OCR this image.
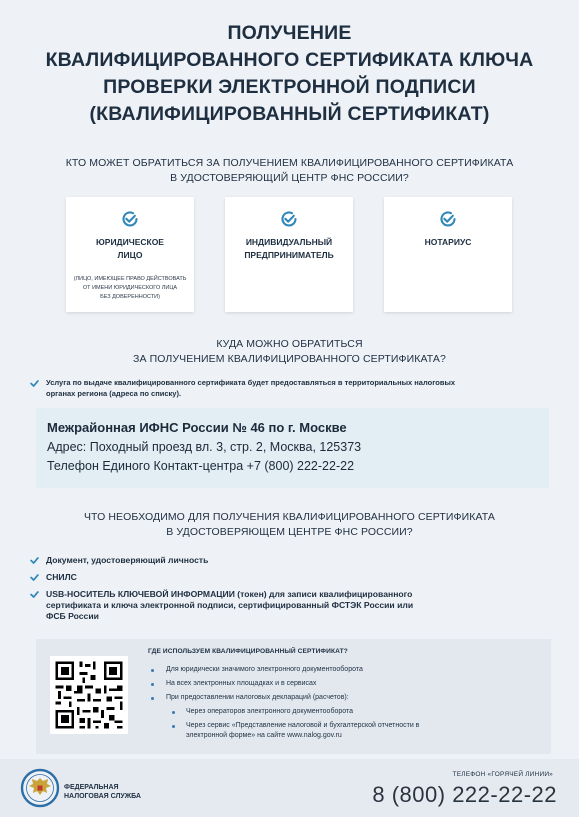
ПОЛУЧЕНИЕ
КВАЛИФИЦИРОВАННОГО СЕРТИФИКАТА КЛЮЧА
ПРОВЕРКИ ЭЛЕКТРОННОЙ ПОДПИСИ
(КВАЛИФИЦИРОВАННЫЙ СЕРТИФИКАТ)
КТО МОЖЕТ ОБРАТИТЬСЯ ЗА ПОЛУЧЕНИЕМ КВАЛИФИЦИРОВАННОГО СЕРТИФИКАТА
В УДОСТОВЕРЯЮЩИЙ ЦЕНТР ФНС РОССИИ?
ЮРИДИЧЕСКОЕ
ЛИЦО
(ЛИЦО, ИМЕЮЩЕЕ ПРАВО ДЕЙСТВОВАТЬ
ОТ ИМЕНИ ЮРИДИЧЕСКОГО ЛИЦА
БЕЗ ДОВЕРЕННОСТИ)
ИНДИВИДУАЛЬНЫЙ
ПРЕДПРИНИМАТЕЛЬ
НОТАРИУС
КУДА МОЖНО ОБРАТИТЬСЯ
ЗА ПОЛУЧЕНИЕМ КВАЛИФИЦИРОВАННОГО СЕРТИФИКАТА?
Услуга по выдаче квалифицированного сертификата будет предоставляться в территориальных налоговых
органах региона (адреса по списку).
Межрайонная ИФНС России № 46 по г. Москве
Адрес: Походный проезд вл. 3, стр. 2, Москва, 125373
Телефон Единого Контакт-центра +7 (800) 222-22-22
ЧТО НЕОБХОДИМО ДЛЯ ПОЛУЧЕНИЯ КВАЛИФИЦИРОВАННОГО СЕРТИФИКАТА
В УДОСТОВЕРЯЮЩЕМ ЦЕНТРЕ ФНС РОССИИ?
Документ, удостоверяющий личность
СНИЛС
USB-НОСИТЕЛЬ КЛЮЧЕВОЙ ИНФОРМАЦИИ (токен) для записи квалифицированного
сертификата и ключа электронной подписи, сертифицированный ФСТЭК России или
ФСБ России
ГДЕ ИСПОЛЬЗУЕМ КВАЛИФИЦИРОВАННЫЙ СЕРТИФИКАТ?
Для юридически значимого электронного документооборота
На всех электронных площадках и в сервисах
При предоставлении налоговых деклараций (расчетов):
Через операторов электронного документооборота
Через сервис «Представление налоговой и бухгалтерской отчетности в
электронной форме» на сайте www.nalog.gov.ru
ФЕДЕРАЛЬНАЯ
НАЛОГОВАЯ СЛУЖБА
ТЕЛЕФОН «ГОРЯЧЕЙ ЛИНИИ»
8 (800) 222-22-22
